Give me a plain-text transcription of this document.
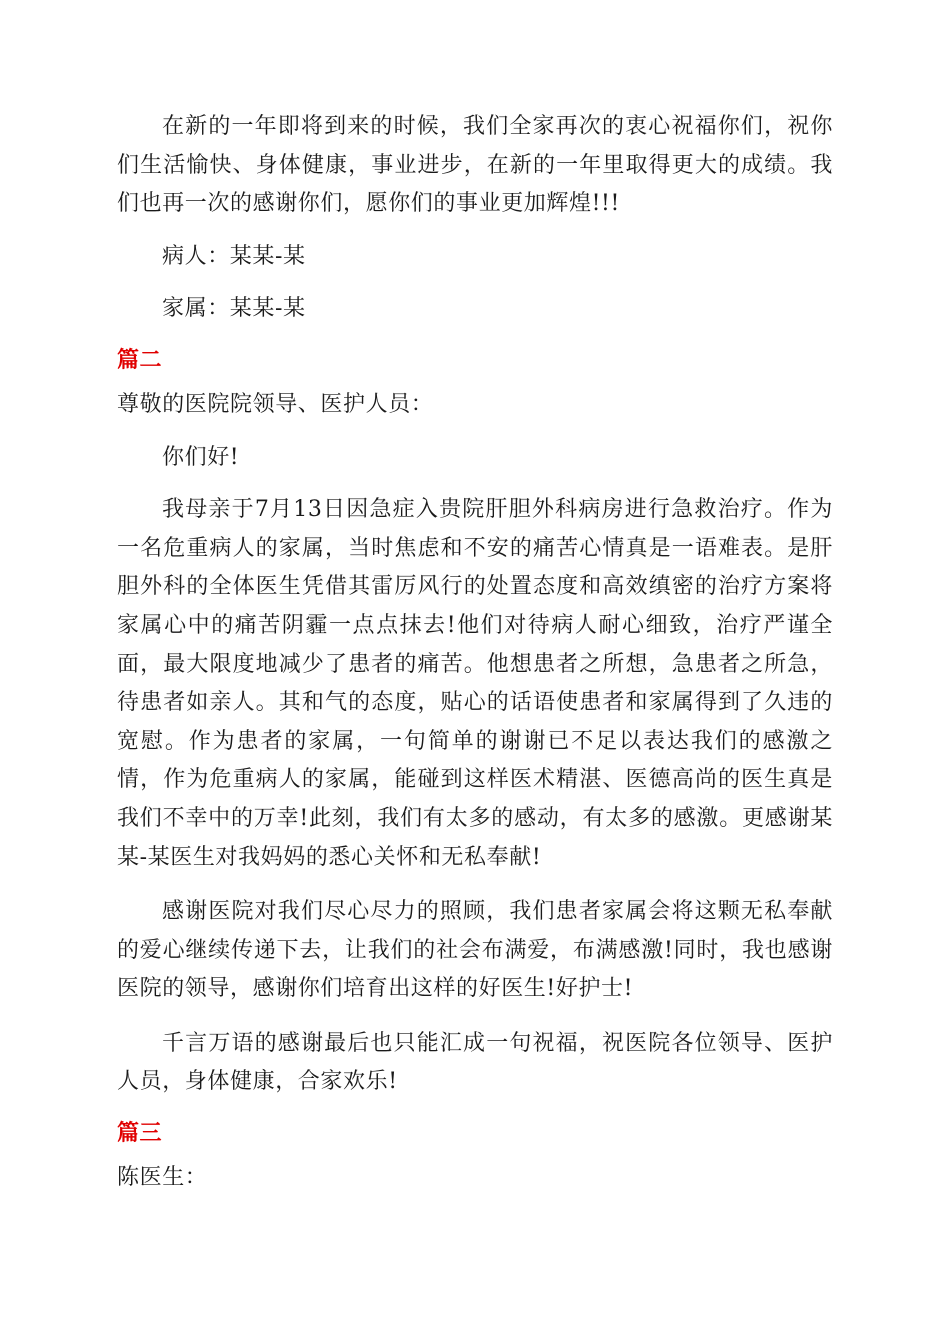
在新的一年即将到来的时候，我们全家再次的衷心祝福你们，祝你们生活愉快、身体健康，事业进步，在新的一年里取得更大的成绩。我们也再一次的感谢你们，愿你们的事业更加辉煌!!!

病人：某某-某

家属：某某-某

篇二

尊敬的医院院领导、医护人员：

你们好!

我母亲于7月13日因急症入贵院肝胆外科病房进行急救治疗。作为一名危重病人的家属，当时焦虑和不安的痛苦心情真是一语难表。是肝胆外科的全体医生凭借其雷厉风行的处置态度和高效缜密的治疗方案将家属心中的痛苦阴霾一点点抹去!他们对待病人耐心细致，治疗严谨全面，最大限度地减少了患者的痛苦。他想患者之所想，急患者之所急，待患者如亲人。其和气的态度，贴心的话语使患者和家属得到了久违的宽慰。作为患者的家属，一句简单的谢谢已不足以表达我们的感激之情，作为危重病人的家属，能碰到这样医术精湛、医德高尚的医生真是我们不幸中的万幸!此刻，我们有太多的感动，有太多的感激。更感谢某某-某医生对我妈妈的悉心关怀和无私奉献!

感谢医院对我们尽心尽力的照顾，我们患者家属会将这颗无私奉献的爱心继续传递下去，让我们的社会布满爱，布满感激!同时，我也感谢医院的领导，感谢你们培育出这样的好医生!好护士!

千言万语的感谢最后也只能汇成一句祝福，祝医院各位领导、医护人员，身体健康，合家欢乐!

篇三

陈医生：
